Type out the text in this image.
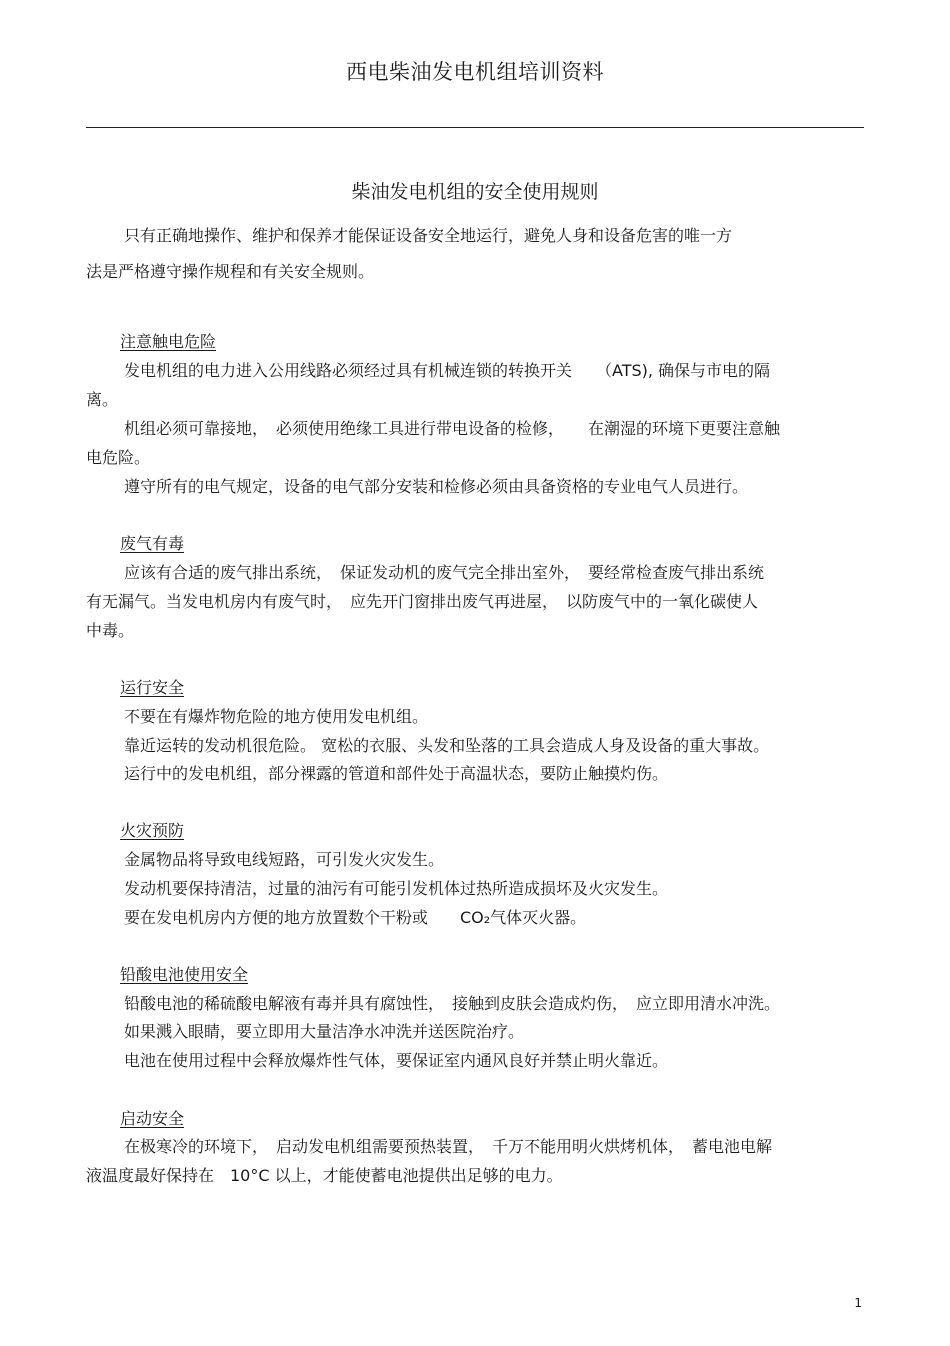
西电柴油发电机组培训资料
柴油发电机组的安全使用规则
只有正确地操作、维护和保养才能保证设备安全地运行，避免人身和设备危害的唯一方
法是严格遵守操作规程和有关安全规则。
注意触电危险
发电机组的电力进入公用线路必须经过具有机械连锁的转换开关　　（ATS), 确保与市电的隔
离。
机组必须可靠接地，　必须使用绝缘工具进行带电设备的检修，　　在潮湿的环境下更要注意触
电危险。
遵守所有的电气规定，设备的电气部分安装和检修必须由具备资格的专业电气人员进行。
废气有毒
应该有合适的废气排出系统，　保证发动机的废气完全排出室外，　要经常检查废气排出系统
有无漏气。当发电机房内有废气时，　应先开门窗排出废气再进屋，　以防废气中的一氧化碳使人
中毒。
运行安全
不要在有爆炸物危险的地方使用发电机组。
靠近运转的发动机很危险。 宽松的衣服、头发和坠落的工具会造成人身及设备的重大事故。
运行中的发电机组，部分裸露的管道和部件处于高温状态，要防止触摸灼伤。
火灾预防
金属物品将导致电线短路，可引发火灾发生。
发动机要保持清洁，过量的油污有可能引发机体过热所造成损坏及火灾发生。
要在发电机房内方便的地方放置数个干粉或　　CO₂气体灭火器。
铅酸电池使用安全
铅酸电池的稀硫酸电解液有毒并具有腐蚀性，　接触到皮肤会造成灼伤，　应立即用清水冲洗。
如果溅入眼睛，要立即用大量洁净水冲洗并送医院治疗。
电池在使用过程中会释放爆炸性气体，要保证室内通风良好并禁止明火靠近。
启动安全
在极寒冷的环境下，　启动发电机组需要预热装置，　千万不能用明火烘烤机体，　蓄电池电解
液温度最好保持在　10°C 以上，才能使蓄电池提供出足够的电力。
1
